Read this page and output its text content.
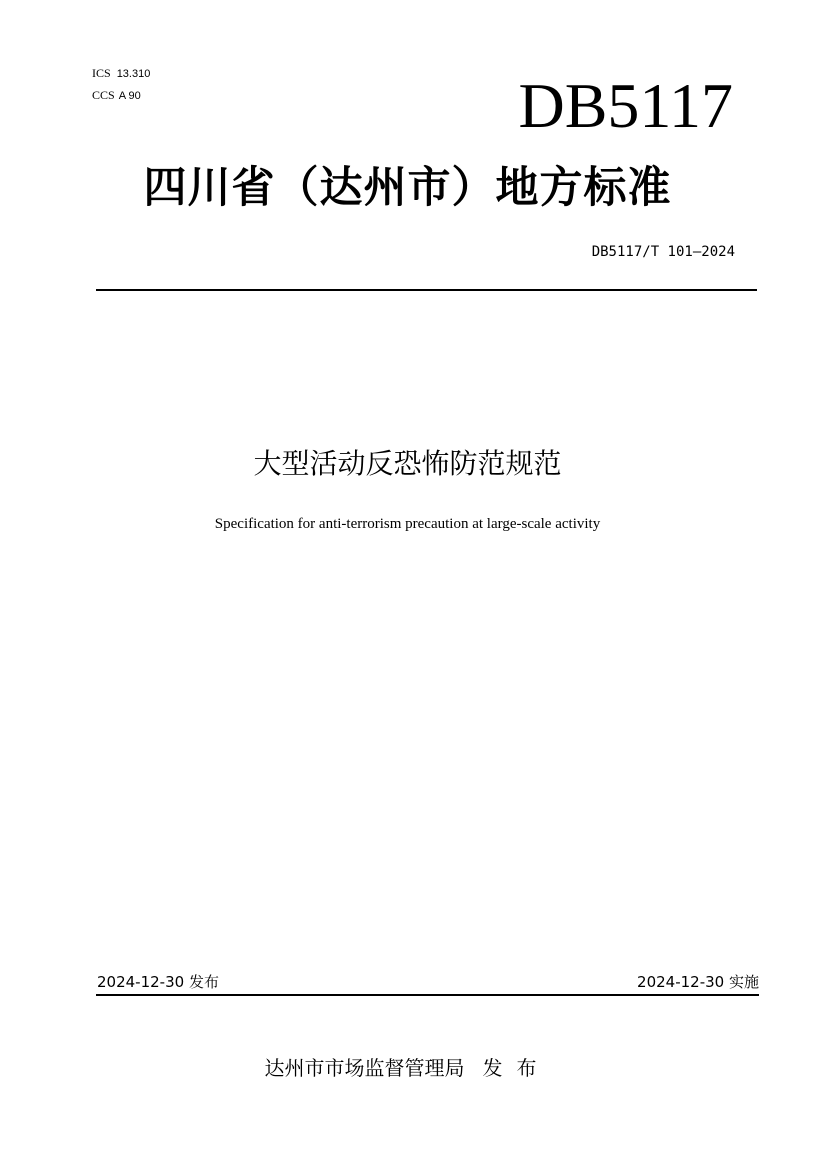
ICS 13.310
CCS A 90	DB5117
四川省（达州市）地方标准
DB5117/T 101—2024
大型活动反恐怖防范规范
Specification for anti-terrorism precaution at large-scale activity
2024-12-30 发布	2024-12-30 实施
达州市市场监督管理局 发布
